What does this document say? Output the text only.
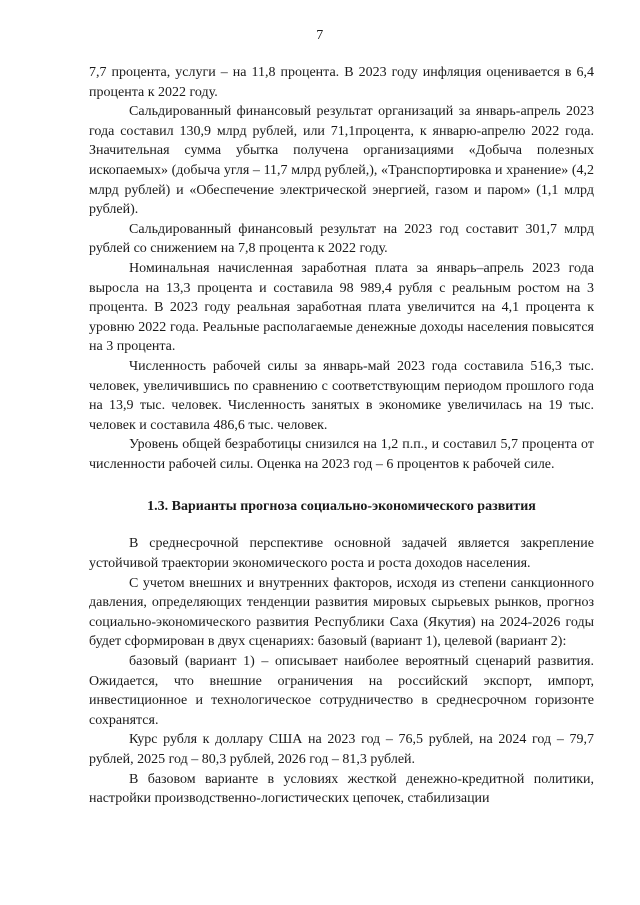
7

7,7 процента, услуги – на 11,8 процента. В 2023 году инфляция оценивается в 6,4 процента к 2022 году.

Сальдированный финансовый результат организаций за январь-апрель 2023 года составил 130,9 млрд рублей, или 71,1процента, к январю-апрелю 2022 года. Значительная сумма убытка получена организациями «Добыча полезных ископаемых» (добыча угля – 11,7 млрд рублей,), «Транспортировка и хранение» (4,2 млрд рублей) и «Обеспечение электрической энергией, газом и паром» (1,1 млрд рублей).

Сальдированный финансовый результат на 2023 год составит 301,7 млрд рублей со снижением на 7,8 процента к 2022 году.

Номинальная начисленная заработная плата за январь–апрель 2023 года выросла на 13,3 процента и составила 98 989,4 рубля с реальным ростом на 3 процента. В 2023 году реальная заработная плата увеличится на 4,1 процента к уровню 2022 года. Реальные располагаемые денежные доходы населения повысятся на 3 процента.

Численность рабочей силы за январь-май 2023 года составила 516,3 тыс. человек, увеличившись по сравнению с соответствующим периодом прошлого года на 13,9 тыс. человек. Численность занятых в экономике увеличилась на 19 тыс. человек и составила 486,6 тыс. человек.

Уровень общей безработицы снизился на 1,2 п.п., и составил 5,7 процента от численности рабочей силы. Оценка на 2023 год – 6 процентов к рабочей силе.

1.3. Варианты прогноза социально-экономического развития

В среднесрочной перспективе основной задачей является закрепление устойчивой траектории экономического роста и роста доходов населения.

С учетом внешних и внутренних факторов, исходя из степени санкционного давления, определяющих тенденции развития мировых сырьевых рынков, прогноз социально-экономического развития Республики Саха (Якутия) на 2024-2026 годы будет сформирован в двух сценариях: базовый (вариант 1), целевой (вариант 2):

базовый (вариант 1) – описывает наиболее вероятный сценарий развития. Ожидается, что внешние ограничения на российский экспорт, импорт, инвестиционное и технологическое сотрудничество в среднесрочном горизонте сохранятся.

Курс рубля к доллару США на 2023 год – 76,5 рублей, на 2024 год – 79,7 рублей, 2025 год – 80,3 рублей, 2026 год – 81,3 рублей.

В базовом варианте в условиях жесткой денежно-кредитной политики, настройки производственно-логистических цепочек, стабилизации
